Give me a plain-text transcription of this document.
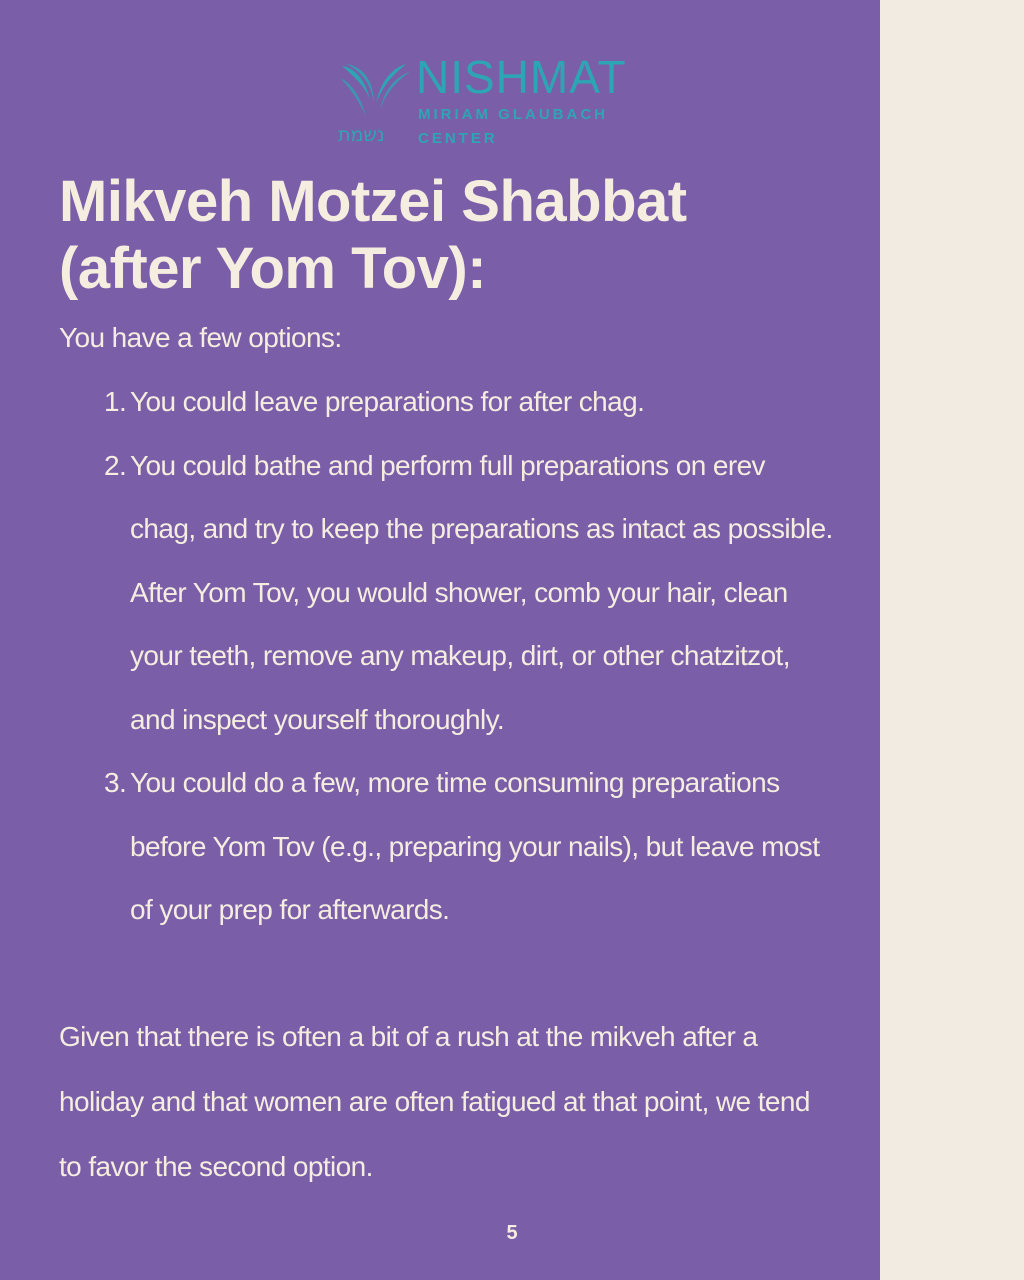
NISHMAT
MIRIAM GLAUBACH
CENTER
נשמת
Mikveh Motzei Shabbat (after Yom Tov):

You have a few options:

1. You could leave preparations for after chag.
2. You could bathe and perform full preparations on erev chag, and try to keep the preparations as intact as possible. After Yom Tov, you would shower, comb your hair, clean your teeth, remove any makeup, dirt, or other chatzitzot, and inspect yourself thoroughly.
3. You could do a few, more time consuming preparations before Yom Tov (e.g., preparing your nails), but leave most of your prep for afterwards.

Given that there is often a bit of a rush at the mikveh after a holiday and that women are often fatigued at that point, we tend to favor the second option.

5
